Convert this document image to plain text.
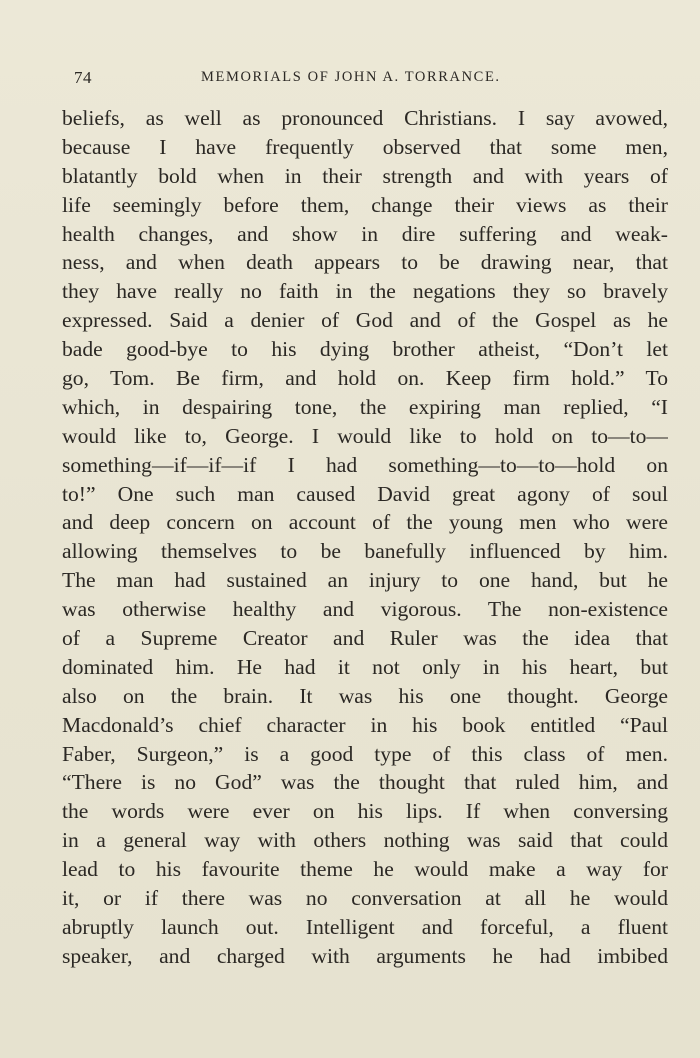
74	MEMORIALS OF JOHN A. TORRANCE.
beliefs, as well as pronounced Christians. I say avowed,
because I have frequently observed that some men,
blatantly bold when in their strength and with years of
life seemingly before them, change their views as their
health changes, and show in dire suffering and weak-
ness, and when death appears to be drawing near, that
they have really no faith in the negations they so bravely
expressed. Said a denier of God and of the Gospel as he
bade good-bye to his dying brother atheist, “Don’t let
go, Tom. Be firm, and hold on. Keep firm hold.” To
which, in despairing tone, the expiring man replied, “I
would like to, George. I would like to hold on to—to—
something—if—if—if I had something—to—to—hold on
to!” One such man caused David great agony of soul
and deep concern on account of the young men who were
allowing themselves to be banefully influenced by him.
The man had sustained an injury to one hand, but he
was otherwise healthy and vigorous. The non-existence
of a Supreme Creator and Ruler was the idea that
dominated him. He had it not only in his heart, but
also on the brain. It was his one thought. George
Macdonald’s chief character in his book entitled “Paul
Faber, Surgeon,” is a good type of this class of men.
“There is no God” was the thought that ruled him, and
the words were ever on his lips. If when conversing
in a general way with others nothing was said that could
lead to his favourite theme he would make a way for
it, or if there was no conversation at all he would
abruptly launch out. Intelligent and forceful, a fluent
speaker, and charged with arguments he had imbibed
